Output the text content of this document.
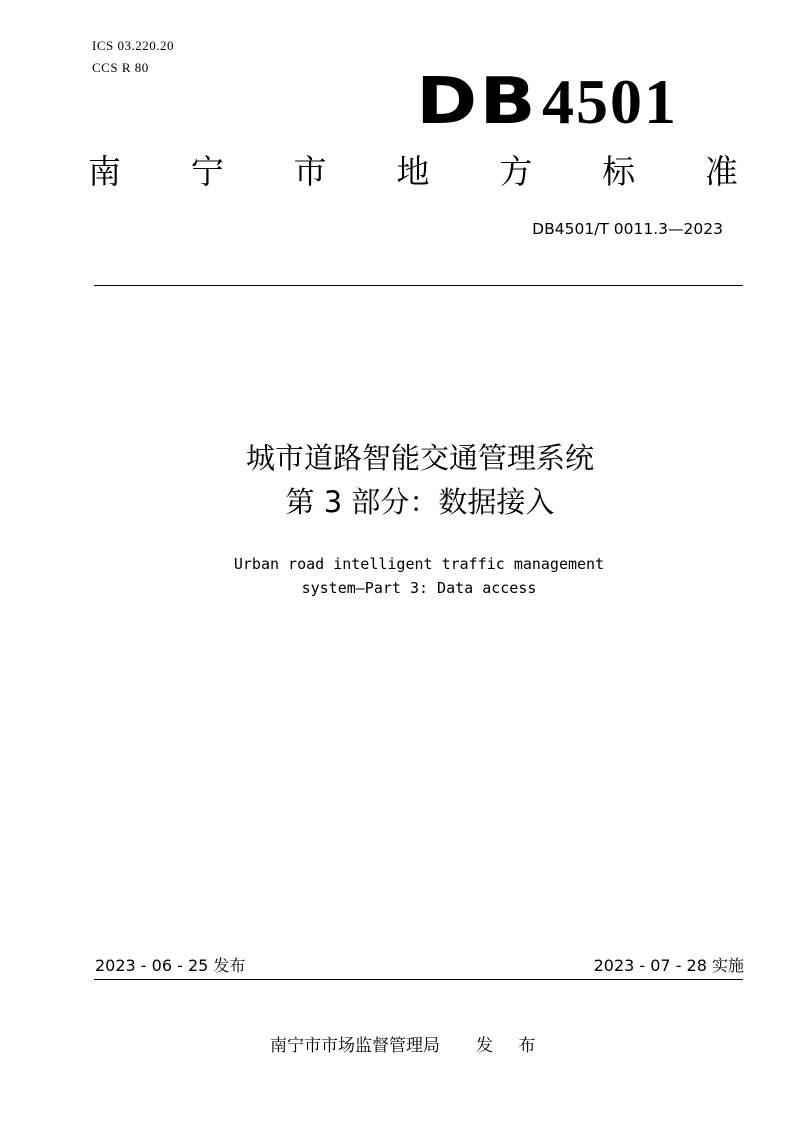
ICS 03.220.20
CCS R 80	DB4501
南 宁 市 地 方 标 准
DB4501/T 0011.3—2023
城市道路智能交通管理系统
第 3 部分：数据接入
Urban road intelligent traffic management
system—Part 3: Data access
2023 - 06 - 25 发布	2023 - 07 - 28 实施
南宁市市场监督管理局 发 布
